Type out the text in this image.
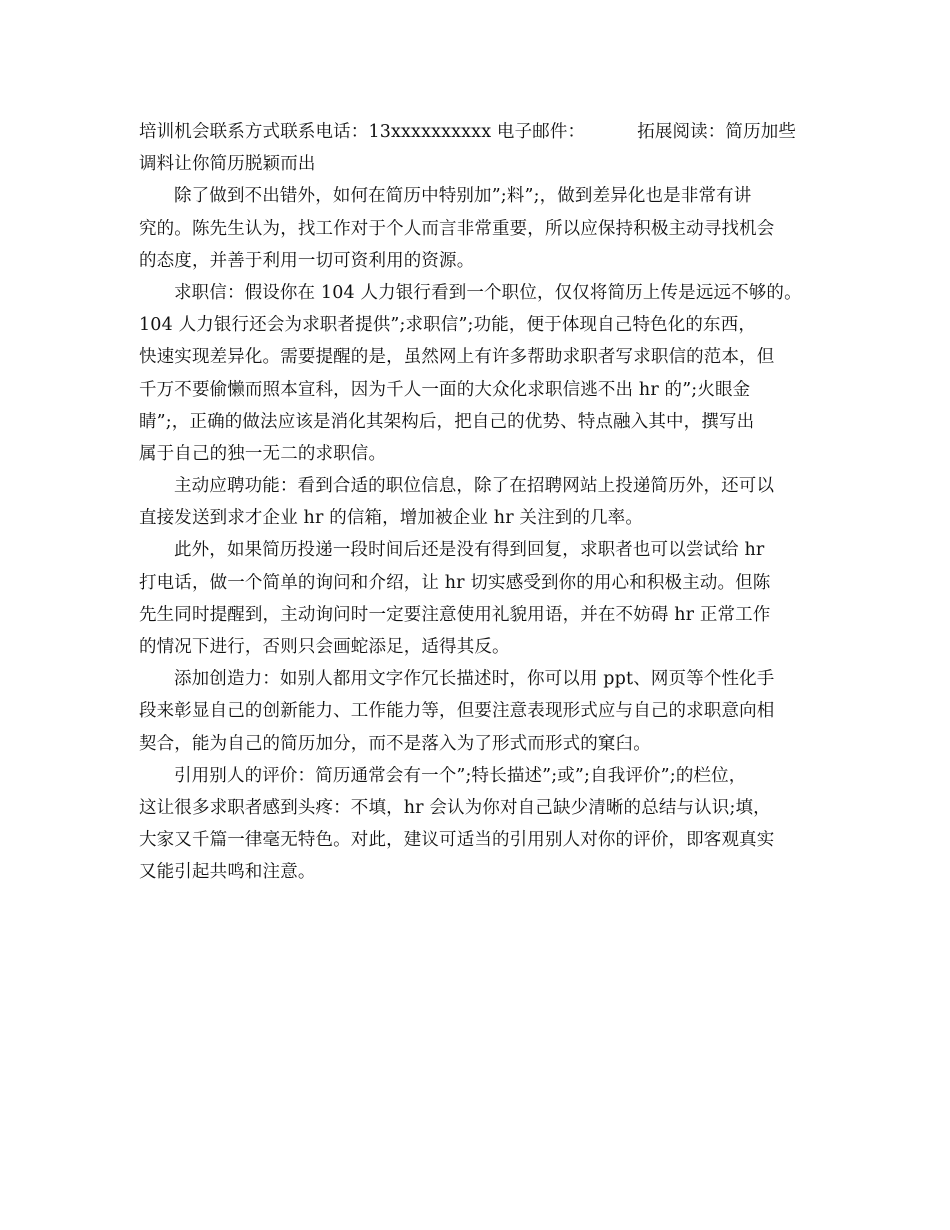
培训机会联系方式联系电话：13xxxxxxxxxx 电子邮件：	拓展阅读：简历加些
调料让你简历脱颖而出
除了做到不出错外，如何在简历中特别加”;料”;，做到差异化也是非常有讲
究的。陈先生认为，找工作对于个人而言非常重要，所以应保持积极主动寻找机会
的态度，并善于利用一切可资利用的资源。
求职信：假设你在 104 人力银行看到一个职位，仅仅将简历上传是远远不够的。
104 人力银行还会为求职者提供”;求职信”;功能，便于体现自己特色化的东西，
快速实现差异化。需要提醒的是，虽然网上有许多帮助求职者写求职信的范本，但
千万不要偷懒而照本宣科，因为千人一面的大众化求职信逃不出 hr 的”;火眼金
睛”;，正确的做法应该是消化其架构后，把自己的优势、特点融入其中，撰写出
属于自己的独一无二的求职信。
主动应聘功能：看到合适的职位信息，除了在招聘网站上投递简历外，还可以
直接发送到求才企业 hr 的信箱，增加被企业 hr 关注到的几率。
此外，如果简历投递一段时间后还是没有得到回复，求职者也可以尝试给 hr
打电话，做一个简单的询问和介绍，让 hr 切实感受到你的用心和积极主动。但陈
先生同时提醒到，主动询问时一定要注意使用礼貌用语，并在不妨碍 hr 正常工作
的情况下进行，否则只会画蛇添足，适得其反。
添加创造力：如别人都用文字作冗长描述时，你可以用 ppt、网页等个性化手
段来彰显自己的创新能力、工作能力等，但要注意表现形式应与自己的求职意向相
契合，能为自己的简历加分，而不是落入为了形式而形式的窠臼。
引用别人的评价：简历通常会有一个”;特长描述”;或”;自我评价”;的栏位，
这让很多求职者感到头疼：不填，hr 会认为你对自己缺少清晰的总结与认识;填，
大家又千篇一律毫无特色。对此，建议可适当的引用别人对你的评价，即客观真实
又能引起共鸣和注意。
